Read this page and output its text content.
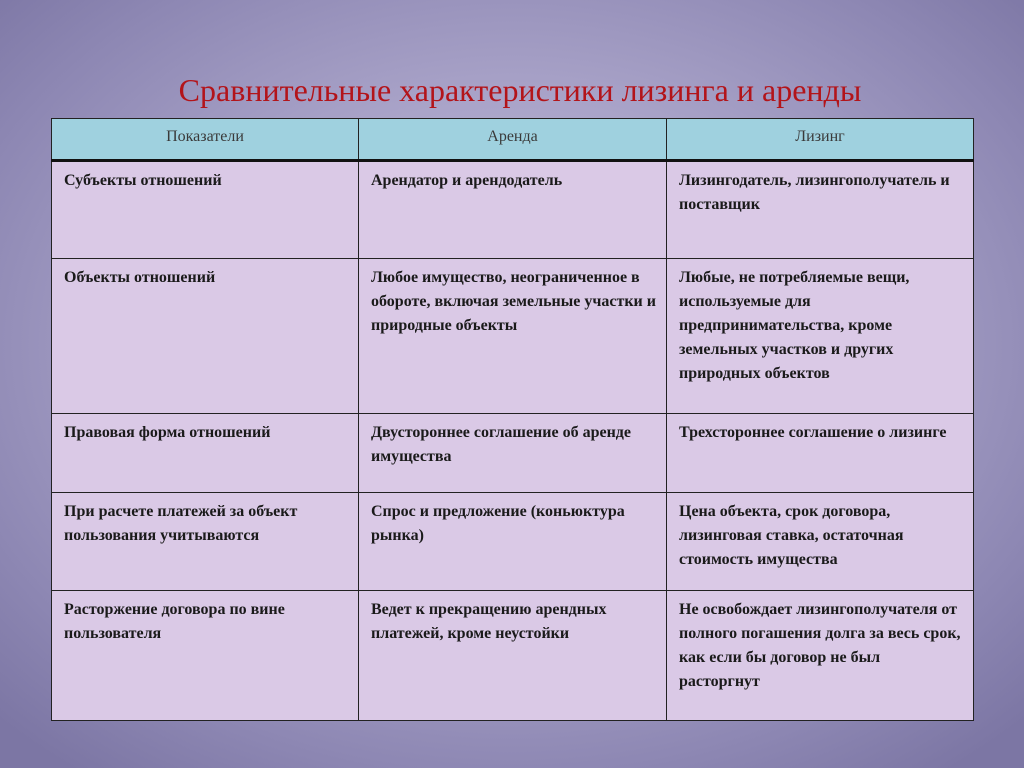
Сравнительные характеристики лизинга и аренды
Показатели	Аренда	Лизинг
Субъекты отношений	Арендатор и арендодатель	Лизингодатель, лизингополучатель и поставщик
Объекты отношений	Любое имущество, неограниченное в обороте, включая земельные участки и природные объекты	Любые, не потребляемые вещи, используемые для предпринимательства, кроме земельных участков и других природных объектов
Правовая форма отношений	Двустороннее соглашение об аренде имущества	Трехстороннее соглашение о лизинге
При расчете платежей за объект пользования учитываются	Спрос и предложение (коньюктура рынка)	Цена объекта, срок договора, лизинговая ставка, остаточная стоимость имущества
Расторжение договора по вине пользователя	Ведет к прекращению арендных платежей, кроме неустойки	Не освобождает лизингополучателя от полного погашения долга за весь срок, как если бы договор не был расторгнут
